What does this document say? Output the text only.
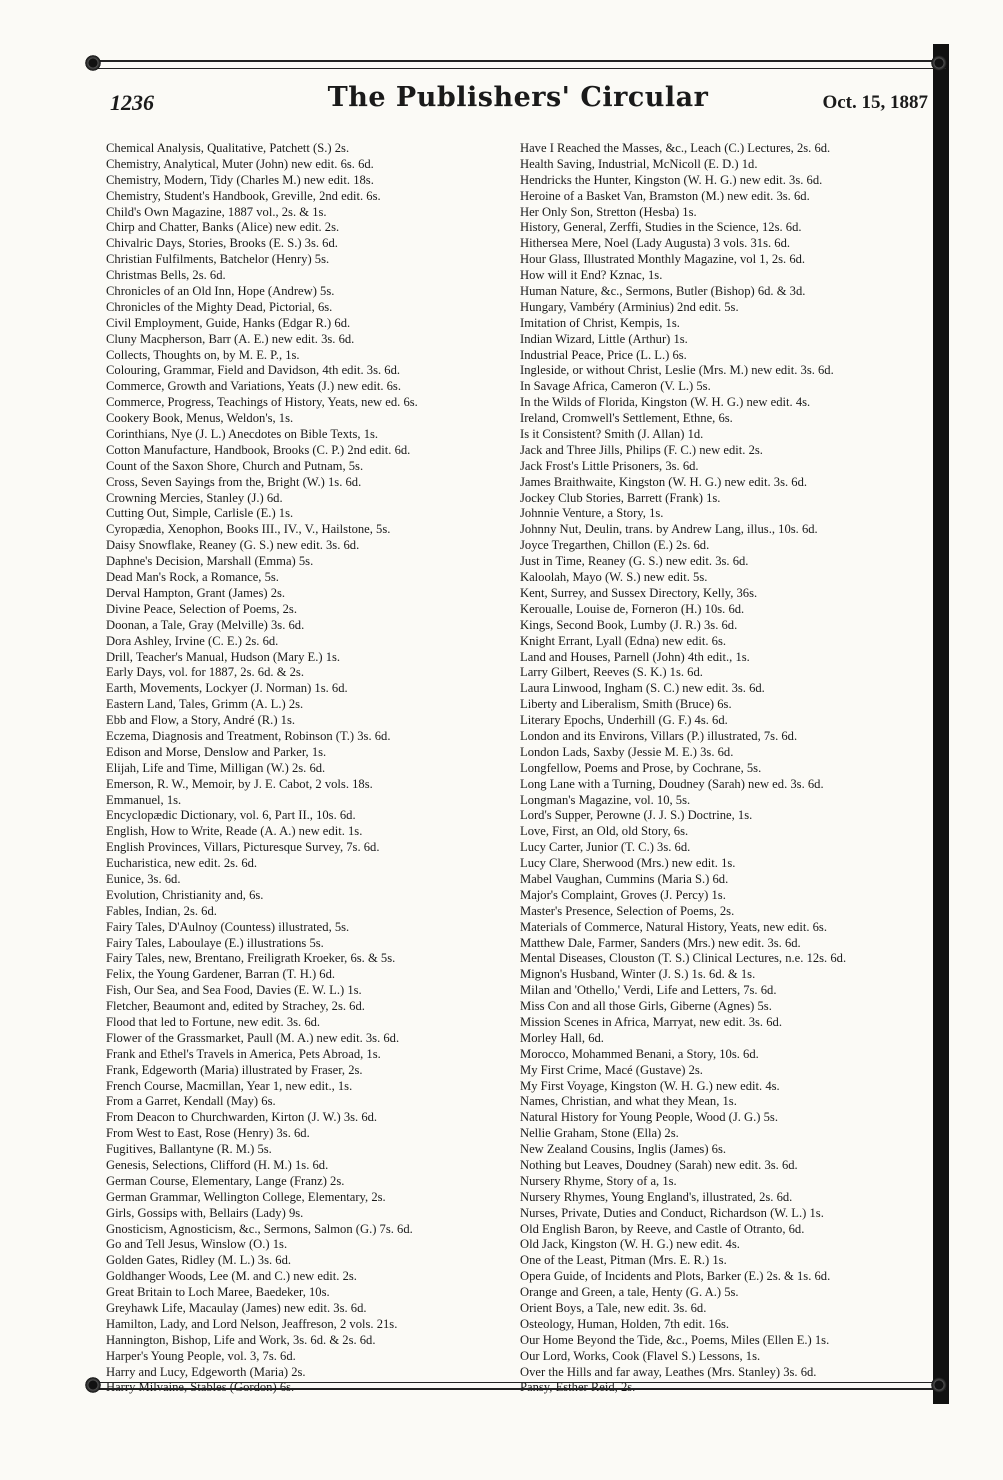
1236	The Publishers' Circular	Oct. 15, 1887
Chemical Analysis, Qualitative, Patchett (S.) 2s.
Chemistry, Analytical, Muter (John) new edit. 6s. 6d.
Chemistry, Modern, Tidy (Charles M.) new edit. 18s.
Chemistry, Student's Handbook, Greville, 2nd edit. 6s.
Child's Own Magazine, 1887 vol., 2s. & 1s.
Chirp and Chatter, Banks (Alice) new edit. 2s.
Chivalric Days, Stories, Brooks (E. S.) 3s. 6d.
Christian Fulfilments, Batchelor (Henry) 5s.
Christmas Bells, 2s. 6d.
Chronicles of an Old Inn, Hope (Andrew) 5s.
Chronicles of the Mighty Dead, Pictorial, 6s.
Civil Employment, Guide, Hanks (Edgar R.) 6d.
Cluny Macpherson, Barr (A. E.) new edit. 3s. 6d.
Collects, Thoughts on, by M. E. P., 1s.
Colouring, Grammar, Field and Davidson, 4th edit. 3s. 6d.
Commerce, Growth and Variations, Yeats (J.) new edit. 6s.
Commerce, Progress, Teachings of History, Yeats, new ed. 6s.
Cookery Book, Menus, Weldon's, 1s.
Corinthians, Nye (J. L.) Anecdotes on Bible Texts, 1s.
Cotton Manufacture, Handbook, Brooks (C. P.) 2nd edit. 6d.
Count of the Saxon Shore, Church and Putnam, 5s.
Cross, Seven Sayings from the, Bright (W.) 1s. 6d.
Crowning Mercies, Stanley (J.) 6d.
Cutting Out, Simple, Carlisle (E.) 1s.
Cyropædia, Xenophon, Books III., IV., V., Hailstone, 5s.
Daisy Snowflake, Reaney (G. S.) new edit. 3s. 6d.
Daphne's Decision, Marshall (Emma) 5s.
Dead Man's Rock, a Romance, 5s.
Derval Hampton, Grant (James) 2s.
Divine Peace, Selection of Poems, 2s.
Doonan, a Tale, Gray (Melville) 3s. 6d.
Dora Ashley, Irvine (C. E.) 2s. 6d.
Drill, Teacher's Manual, Hudson (Mary E.) 1s.
Early Days, vol. for 1887, 2s. 6d. & 2s.
Earth, Movements, Lockyer (J. Norman) 1s. 6d.
Eastern Land, Tales, Grimm (A. L.) 2s.
Ebb and Flow, a Story, André (R.) 1s.
Eczema, Diagnosis and Treatment, Robinson (T.) 3s. 6d.
Edison and Morse, Denslow and Parker, 1s.
Elijah, Life and Time, Milligan (W.) 2s. 6d.
Emerson, R. W., Memoir, by J. E. Cabot, 2 vols. 18s.
Emmanuel, 1s.
Encyclopædic Dictionary, vol. 6, Part II., 10s. 6d.
English, How to Write, Reade (A. A.) new edit. 1s.
English Provinces, Villars, Picturesque Survey, 7s. 6d.
Eucharistica, new edit. 2s. 6d.
Eunice, 3s. 6d.
Evolution, Christianity and, 6s.
Fables, Indian, 2s. 6d.
Fairy Tales, D'Aulnoy (Countess) illustrated, 5s.
Fairy Tales, Laboulaye (E.) illustrations 5s.
Fairy Tales, new, Brentano, Freiligrath Kroeker, 6s. & 5s.
Felix, the Young Gardener, Barran (T. H.) 6d.
Fish, Our Sea, and Sea Food, Davies (E. W. L.) 1s.
Fletcher, Beaumont and, edited by Strachey, 2s. 6d.
Flood that led to Fortune, new edit. 3s. 6d.
Flower of the Grassmarket, Paull (M. A.) new edit. 3s. 6d.
Frank and Ethel's Travels in America, Pets Abroad, 1s.
Frank, Edgeworth (Maria) illustrated by Fraser, 2s.
French Course, Macmillan, Year 1, new edit., 1s.
From a Garret, Kendall (May) 6s.
From Deacon to Churchwarden, Kirton (J. W.) 3s. 6d.
From West to East, Rose (Henry) 3s. 6d.
Fugitives, Ballantyne (R. M.) 5s.
Genesis, Selections, Clifford (H. M.) 1s. 6d.
German Course, Elementary, Lange (Franz) 2s.
German Grammar, Wellington College, Elementary, 2s.
Girls, Gossips with, Bellairs (Lady) 9s.
Gnosticism, Agnosticism, &c., Sermons, Salmon (G.) 7s. 6d.
Go and Tell Jesus, Winslow (O.) 1s.
Golden Gates, Ridley (M. L.) 3s. 6d.
Goldhanger Woods, Lee (M. and C.) new edit. 2s.
Great Britain to Loch Maree, Baedeker, 10s.
Greyhawk Life, Macaulay (James) new edit. 3s. 6d.
Hamilton, Lady, and Lord Nelson, Jeaffreson, 2 vols. 21s.
Hannington, Bishop, Life and Work, 3s. 6d. & 2s. 6d.
Harper's Young People, vol. 3, 7s. 6d.
Harry and Lucy, Edgeworth (Maria) 2s.
Harry Milvaine, Stables (Gordon) 6s.
Have I Reached the Masses, &c., Leach (C.) Lectures, 2s. 6d.
Health Saving, Industrial, McNicoll (E. D.) 1d.
Hendricks the Hunter, Kingston (W. H. G.) new edit. 3s. 6d.
Heroine of a Basket Van, Bramston (M.) new edit. 3s. 6d.
Her Only Son, Stretton (Hesba) 1s.
History, General, Zerffi, Studies in the Science, 12s. 6d.
Hithersea Mere, Noel (Lady Augusta) 3 vols. 31s. 6d.
Hour Glass, Illustrated Monthly Magazine, vol 1, 2s. 6d.
How will it End? Kznac, 1s.
Human Nature, &c., Sermons, Butler (Bishop) 6d. & 3d.
Hungary, Vambéry (Arminius) 2nd edit. 5s.
Imitation of Christ, Kempis, 1s.
Indian Wizard, Little (Arthur) 1s.
Industrial Peace, Price (L. L.) 6s.
Ingleside, or without Christ, Leslie (Mrs. M.) new edit. 3s. 6d.
In Savage Africa, Cameron (V. L.) 5s.
In the Wilds of Florida, Kingston (W. H. G.) new edit. 4s.
Ireland, Cromwell's Settlement, Ethne, 6s.
Is it Consistent? Smith (J. Allan) 1d.
Jack and Three Jills, Philips (F. C.) new edit. 2s.
Jack Frost's Little Prisoners, 3s. 6d.
James Braithwaite, Kingston (W. H. G.) new edit. 3s. 6d.
Jockey Club Stories, Barrett (Frank) 1s.
Johnnie Venture, a Story, 1s.
Johnny Nut, Deulin, trans. by Andrew Lang, illus., 10s. 6d.
Joyce Tregarthen, Chillon (E.) 2s. 6d.
Just in Time, Reaney (G. S.) new edit. 3s. 6d.
Kaloolah, Mayo (W. S.) new edit. 5s.
Kent, Surrey, and Sussex Directory, Kelly, 36s.
Keroualle, Louise de, Forneron (H.) 10s. 6d.
Kings, Second Book, Lumby (J. R.) 3s. 6d.
Knight Errant, Lyall (Edna) new edit. 6s.
Land and Houses, Parnell (John) 4th edit., 1s.
Larry Gilbert, Reeves (S. K.) 1s. 6d.
Laura Linwood, Ingham (S. C.) new edit. 3s. 6d.
Liberty and Liberalism, Smith (Bruce) 6s.
Literary Epochs, Underhill (G. F.) 4s. 6d.
London and its Environs, Villars (P.) illustrated, 7s. 6d.
London Lads, Saxby (Jessie M. E.) 3s. 6d.
Longfellow, Poems and Prose, by Cochrane, 5s.
Long Lane with a Turning, Doudney (Sarah) new ed. 3s. 6d.
Longman's Magazine, vol. 10, 5s.
Lord's Supper, Perowne (J. J. S.) Doctrine, 1s.
Love, First, an Old, old Story, 6s.
Lucy Carter, Junior (T. C.) 3s. 6d.
Lucy Clare, Sherwood (Mrs.) new edit. 1s.
Mabel Vaughan, Cummins (Maria S.) 6d.
Major's Complaint, Groves (J. Percy) 1s.
Master's Presence, Selection of Poems, 2s.
Materials of Commerce, Natural History, Yeats, new edit. 6s.
Matthew Dale, Farmer, Sanders (Mrs.) new edit. 3s. 6d.
Mental Diseases, Clouston (T. S.) Clinical Lectures, n.e. 12s. 6d.
Mignon's Husband, Winter (J. S.) 1s. 6d. & 1s.
Milan and 'Othello,' Verdi, Life and Letters, 7s. 6d.
Miss Con and all those Girls, Giberne (Agnes) 5s.
Mission Scenes in Africa, Marryat, new edit. 3s. 6d.
Morley Hall, 6d.
Morocco, Mohammed Benani, a Story, 10s. 6d.
My First Crime, Macé (Gustave) 2s.
My First Voyage, Kingston (W. H. G.) new edit. 4s.
Names, Christian, and what they Mean, 1s.
Natural History for Young People, Wood (J. G.) 5s.
Nellie Graham, Stone (Ella) 2s.
New Zealand Cousins, Inglis (James) 6s.
Nothing but Leaves, Doudney (Sarah) new edit. 3s. 6d.
Nursery Rhyme, Story of a, 1s.
Nursery Rhymes, Young England's, illustrated, 2s. 6d.
Nurses, Private, Duties and Conduct, Richardson (W. L.) 1s.
Old English Baron, by Reeve, and Castle of Otranto, 6d.
Old Jack, Kingston (W. H. G.) new edit. 4s.
One of the Least, Pitman (Mrs. E. R.) 1s.
Opera Guide, of Incidents and Plots, Barker (E.) 2s. & 1s. 6d.
Orange and Green, a tale, Henty (G. A.) 5s.
Orient Boys, a Tale, new edit. 3s. 6d.
Osteology, Human, Holden, 7th edit. 16s.
Our Home Beyond the Tide, &c., Poems, Miles (Ellen E.) 1s.
Our Lord, Works, Cook (Flavel S.) Lessons, 1s.
Over the Hills and far away, Leathes (Mrs. Stanley) 3s. 6d.
Pansy, Esther Reid, 2s.
